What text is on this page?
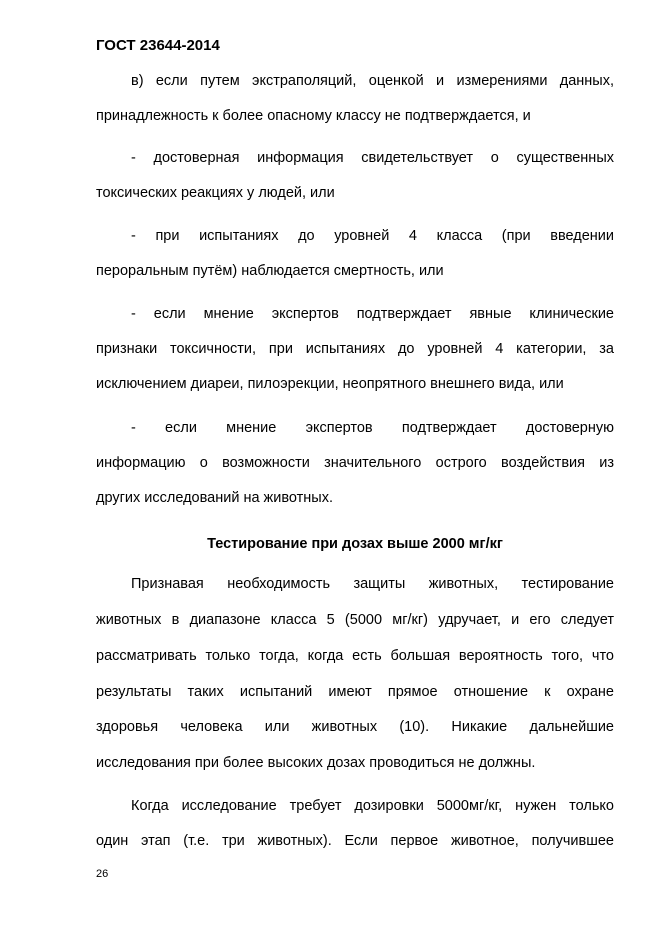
ГОСТ 23644-2014
в) если путем экстраполяций, оценкой и измерениями данных,
принадлежность к более опасному классу не подтверждается, и
- достоверная информация свидетельствует о существенных
токсических реакциях у людей, или
- при испытаниях до уровней 4 класса (при введении
пероральным путём) наблюдается смертность, или
- если мнение экспертов подтверждает явные клинические
признаки токсичности, при испытаниях до уровней 4 категории, за
исключением диареи, пилоэрекции, неопрятного внешнего вида, или
- если мнение экспертов подтверждает достоверную
информацию о возможности значительного острого воздействия из
других исследований на животных.
Тестирование при дозах выше 2000 мг/кг
Признавая необходимость защиты животных, тестирование
животных в диапазоне класса 5 (5000 мг/кг) удручает, и его следует
рассматривать только тогда, когда есть большая вероятность того, что
результаты таких испытаний имеют прямое отношение к охране
здоровья человека или животных (10). Никакие дальнейшие
исследования при более высоких дозах проводиться не должны.
Когда исследование требует дозировки 5000мг/кг, нужен только
один этап (т.е. три животных). Если первое животное, получившее
26
